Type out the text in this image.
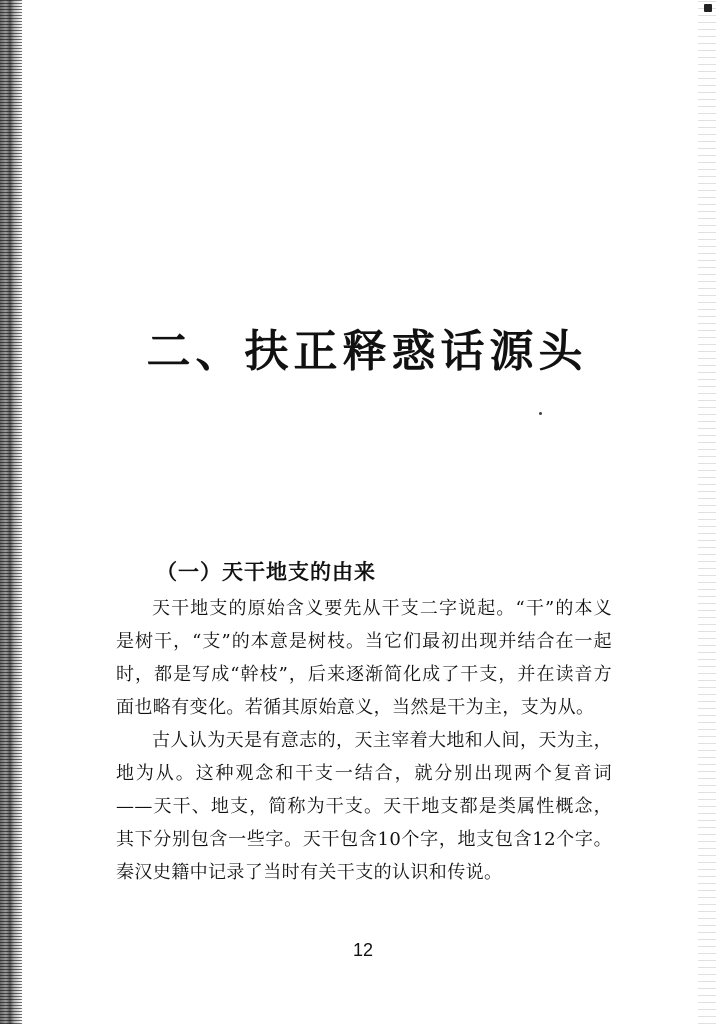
二、扶正释惑话源头
（一）天干地支的由来

天干地支的原始含义要先从干支二字说起。“干”的本义是树干，“支”的本意是树枝。当它们最初出现并结合在一起时，都是写成“幹枝”，后来逐渐简化成了干支，并在读音方面也略有变化。若循其原始意义，当然是干为主，支为从。

古人认为天是有意志的，天主宰着大地和人间，天为主，地为从。这种观念和干支一结合，就分别出现两个复音词——天干、地支，简称为干支。天干地支都是类属性概念，其下分别包含一些字。天干包含10个字，地支包含12个字。秦汉史籍中记录了当时有关干支的认识和传说。

12
